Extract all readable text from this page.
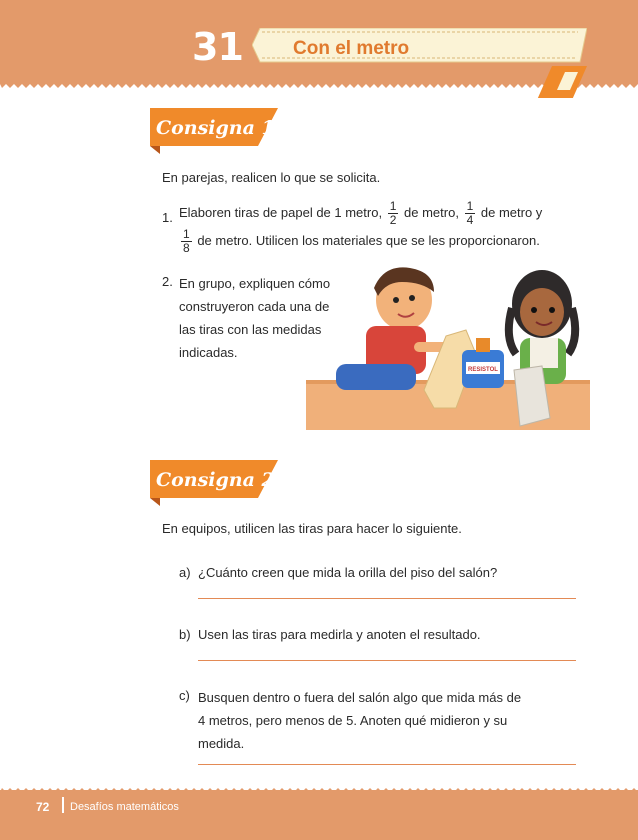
31	Con el metro
Consigna 1
En parejas, realicen lo que se solicita.
1. Elaboren tiras de papel de 1 metro, $\frac{1}{2}$ de metro, $\frac{1}{4}$ de metro y
$\frac{1}{8}$ de metro. Utilicen los materiales que se les proporcionaron.
2. En grupo, expliquen cómo
construyeron cada una de
las tiras con las medidas
indicadas.
RESISTOL
Consigna 2
En equipos, utilicen las tiras para hacer lo siguiente.
a) ¿Cuánto creen que mida la orilla del piso del salón?
b) Usen las tiras para medirla y anoten el resultado.
c) Busquen dentro o fuera del salón algo que mida más de
4 metros, pero menos de 5. Anoten qué midieron y su
medida.
72 Desafíos matemáticos
